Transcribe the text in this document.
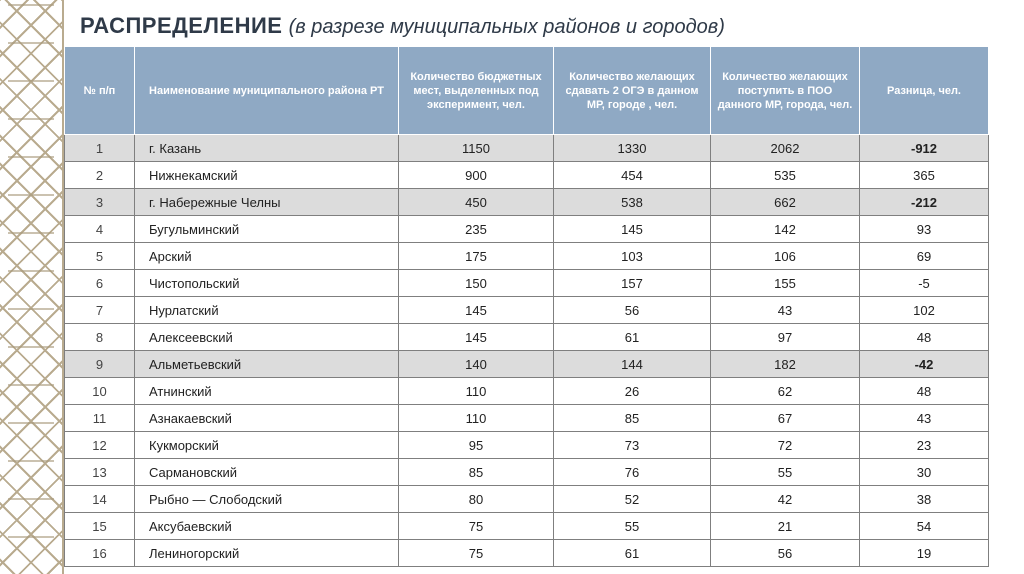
РАСПРЕДЕЛЕНИЕ (в разрезе муниципальных районов и городов)
№ п/п	Наименование муниципального района РТ	Количество бюджетных мест, выделенных под эксперимент, чел.	Количество желающих сдавать 2 ОГЭ в данном МР, городе , чел.	Количество желающих поступить в ПОО данного МР, города, чел.	Разница, чел.
1	г. Казань	1150	1330	2062	-912
2	Нижнекамский	900	454	535	365
3	г. Набережные Челны	450	538	662	-212
4	Бугульминский	235	145	142	93
5	Арский	175	103	106	69
6	Чистопольский	150	157	155	-5
7	Нурлатский	145	56	43	102
8	Алексеевский	145	61	97	48
9	Альметьевский	140	144	182	-42
10	Атнинский	110	26	62	48
11	Азнакаевский	110	85	67	43
12	Кукморский	95	73	72	23
13	Сармановский	85	76	55	30
14	Рыбно — Слободский	80	52	42	38
15	Аксубаевский	75	55	21	54
16	Лениногорский	75	61	56	19
